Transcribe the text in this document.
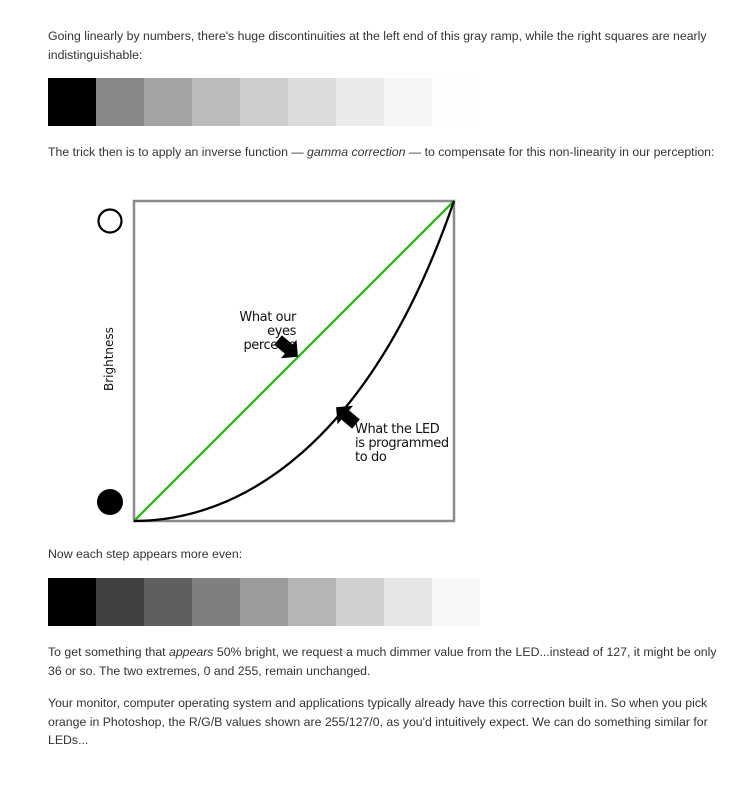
Going linearly by numbers, there's huge discontinuities at the left end of this gray ramp, while the right squares are nearly indistinguishable:

The trick then is to apply an inverse function — gamma correction — to compensate for this non-linearity in our perception:

Brightness
What our eyes
perceive
What the LED
is programmed
to do

Now each step appears more even:

To get something that appears 50% bright, we request a much dimmer value from the LED...instead of 127, it might be only 36 or so. The two extremes, 0 and 255, remain unchanged.

Your monitor, computer operating system and applications typically already have this correction built in. So when you pick orange in Photoshop, the R/G/B values shown are 255/127/0, as you'd intuitively expect. We can do something similar for LEDs...
